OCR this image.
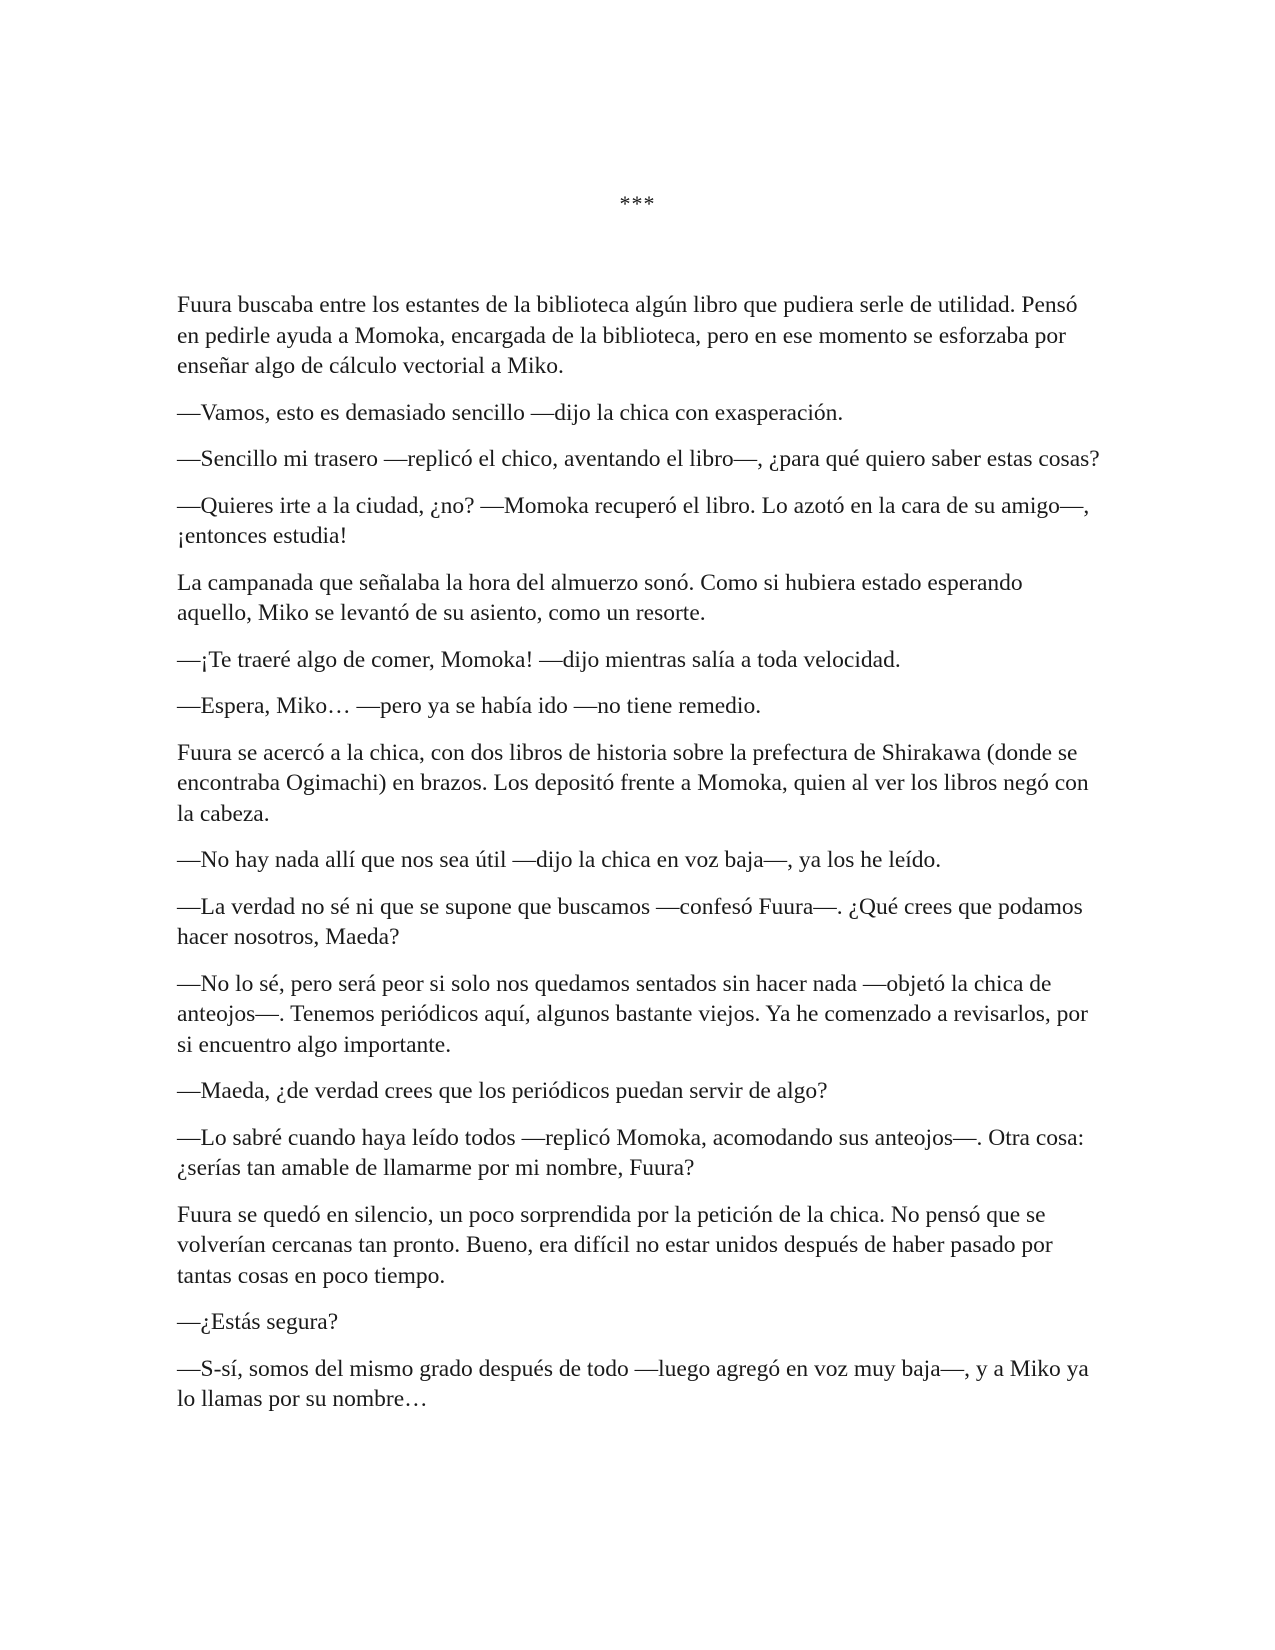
***

Fuura buscaba entre los estantes de la biblioteca algún libro que pudiera serle de utilidad. Pensó en pedirle ayuda a Momoka, encargada de la biblioteca, pero en ese momento se esforzaba por enseñar algo de cálculo vectorial a Miko.

—Vamos, esto es demasiado sencillo —dijo la chica con exasperación.

—Sencillo mi trasero —replicó el chico, aventando el libro—, ¿para qué quiero saber estas cosas?

—Quieres irte a la ciudad, ¿no? —Momoka recuperó el libro. Lo azotó en la cara de su amigo—, ¡entonces estudia!

La campanada que señalaba la hora del almuerzo sonó. Como si hubiera estado esperando aquello, Miko se levantó de su asiento, como un resorte.

—¡Te traeré algo de comer, Momoka! —dijo mientras salía a toda velocidad.

—Espera, Miko… —pero ya se había ido —no tiene remedio.

Fuura se acercó a la chica, con dos libros de historia sobre la prefectura de Shirakawa (donde se encontraba Ogimachi) en brazos. Los depositó frente a Momoka, quien al ver los libros negó con la cabeza.

—No hay nada allí que nos sea útil —dijo la chica en voz baja—, ya los he leído.

—La verdad no sé ni que se supone que buscamos —confesó Fuura—. ¿Qué crees que podamos hacer nosotros, Maeda?

—No lo sé, pero será peor si solo nos quedamos sentados sin hacer nada —objetó la chica de anteojos—. Tenemos periódicos aquí, algunos bastante viejos. Ya he comenzado a revisarlos, por si encuentro algo importante.

—Maeda, ¿de verdad crees que los periódicos puedan servir de algo?

—Lo sabré cuando haya leído todos —replicó Momoka, acomodando sus anteojos—. Otra cosa: ¿serías tan amable de llamarme por mi nombre, Fuura?

Fuura se quedó en silencio, un poco sorprendida por la petición de la chica. No pensó que se volverían cercanas tan pronto. Bueno, era difícil no estar unidos después de haber pasado por tantas cosas en poco tiempo.

—¿Estás segura?

—S-sí, somos del mismo grado después de todo —luego agregó en voz muy baja—, y a Miko ya lo llamas por su nombre…
